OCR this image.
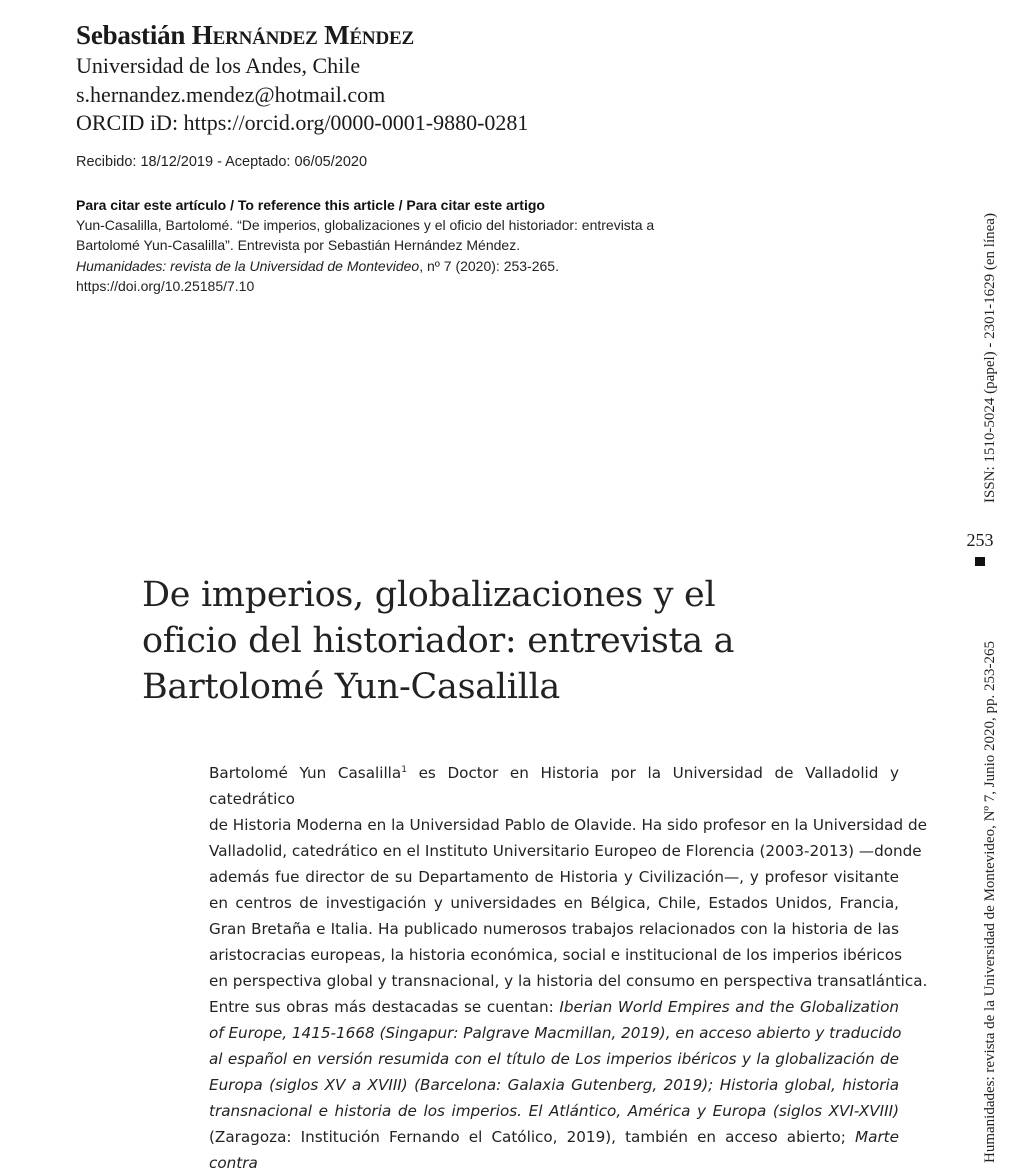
Sebastián Hernández Méndez
Universidad de los Andes, Chile
s.hernandez.mendez@hotmail.com
ORCID iD: https://orcid.org/0000-0001-9880-0281
Recibido: 18/12/2019 - Aceptado: 06/05/2020
Para citar este artículo / To reference this article / Para citar este artigo
Yun-Casalilla, Bartolomé. “De imperios, globalizaciones y el oficio del historiador: entrevista a
Bartolomé Yun-Casalilla”. Entrevista por Sebastián Hernández Méndez.
Humanidades: revista de la Universidad de Montevideo, nº 7 (2020): 253-265.
https://doi.org/10.25185/7.10
Humanidades: revista de la Universidad de Montevideo, Nº 7, Junio 2020, pp. 253-265
ISSN: 1510-5024 (papel) - 2301-1629 (en línea)
253
De imperios, globalizaciones y el
oficio del historiador: entrevista a
Bartolomé Yun-Casalilla
Bartolomé Yun Casalilla$^1$ es Doctor en Historia por la Universidad de Valladolid y catedrático
de Historia Moderna en la Universidad Pablo de Olavide. Ha sido profesor en la Universidad de
Valladolid, catedrático en el Instituto Universitario Europeo de Florencia (2003-2013) —donde
además fue director de su Departamento de Historia y Civilización—, y profesor visitante
en centros de investigación y universidades en Bélgica, Chile, Estados Unidos, Francia,
Gran Bretaña e Italia. Ha publicado numerosos trabajos relacionados con la historia de las
aristocracias europeas, la historia económica, social e institucional de los imperios ibéricos
en perspectiva global y transnacional, y la historia del consumo en perspectiva transatlántica.
Entre sus obras más destacadas se cuentan: Iberian World Empires and the Globalization
of Europe, 1415-1668 (Singapur: Palgrave Macmillan, 2019), en acceso abierto y traducido
al español en versión resumida con el título de Los imperios ibéricos y la globalización de
Europa (siglos XV a XVIII) (Barcelona: Galaxia Gutenberg, 2019); Historia global, historia
transnacional e historia de los imperios. El Atlántico, América y Europa (siglos XVI-XVIII)
(Zaragoza: Institución Fernando el Católico, 2019), también en acceso abierto; Marte contra
